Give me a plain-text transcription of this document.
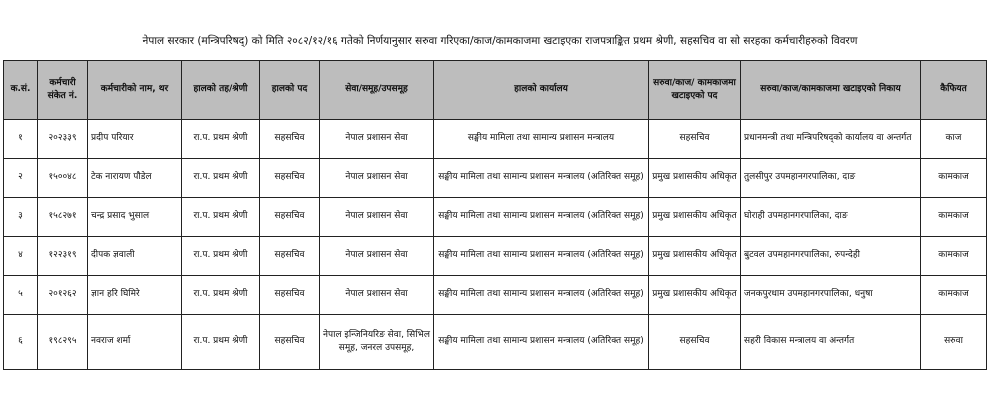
नेपाल सरकार (मन्त्रिपरिषद्) को मिति २०८२/१२/१६ गतेको निर्णयानुसार सरुवा गरिएका/काज/कामकाजमा खटाइएका राजपत्राङ्कित प्रथम श्रेणी, सहसचिव वा सो सरहका कर्मचारीहरुको विवरण
क.सं.	कर्मचारी संकेत नं.	कर्मचारीको नाम, थर	हालको तह/श्रेणी	हालको पद	सेवा/समूह/उपसमूह	हालको कार्यालय	सरुवा/काज/ कामकाजमा खटाइएको पद	सरुवा/काज/कामकाजमा खटाइएको निकाय	कैफियत
१	२०२३३९	प्रदीप परियार	रा.प. प्रथम श्रेणी	सहसचिव	नेपाल प्रशासन सेवा	सङ्घीय मामिला तथा सामान्य प्रशासन मन्त्रालय	सहसचिव	प्रधानमन्त्री तथा मन्त्रिपरिषद्को कार्यालय वा अन्तर्गत	काज
२	१५००४८	टेक नारायण पौडेल	रा.प. प्रथम श्रेणी	सहसचिव	नेपाल प्रशासन सेवा	सङ्घीय मामिला तथा सामान्य प्रशासन मन्त्रालय (अतिरिक्त समूह)	प्रमुख प्रशासकीय अधिकृत	तुलसीपुर उपमहानगरपालिका, दाङ	कामकाज
३	१५८२७१	चन्द्र प्रसाद भुसाल	रा.प. प्रथम श्रेणी	सहसचिव	नेपाल प्रशासन सेवा	सङ्घीय मामिला तथा सामान्य प्रशासन मन्त्रालय (अतिरिक्त समूह)	प्रमुख प्रशासकीय अधिकृत	घोराही उपमहानगरपालिका, दाङ	कामकाज
४	१२२३१९	दीपक ज्ञवाली	रा.प. प्रथम श्रेणी	सहसचिव	नेपाल प्रशासन सेवा	सङ्घीय मामिला तथा सामान्य प्रशासन मन्त्रालय (अतिरिक्त समूह)	प्रमुख प्रशासकीय अधिकृत	बुटवल उपमहानगरपालिका, रुपन्देही	कामकाज
५	२०१२६२	ज्ञान हरि घिमिरे	रा.प. प्रथम श्रेणी	सहसचिव	नेपाल प्रशासन सेवा	सङ्घीय मामिला तथा सामान्य प्रशासन मन्त्रालय (अतिरिक्त समूह)	प्रमुख प्रशासकीय अधिकृत	जनकपुरधाम उपमहानगरपालिका, धनुषा	कामकाज
६	१९८२९५	नवराज शर्मा	रा.प. प्रथम श्रेणी	सहसचिव	नेपाल इन्जिनियरिङ सेवा, सिभिल समूह, जनरल उपसमूह,	सङ्घीय मामिला तथा सामान्य प्रशासन मन्त्रालय (अतिरिक्त समूह)	सहसचिव	सहरी विकास मन्त्रालय वा अन्तर्गत	सरुवा
